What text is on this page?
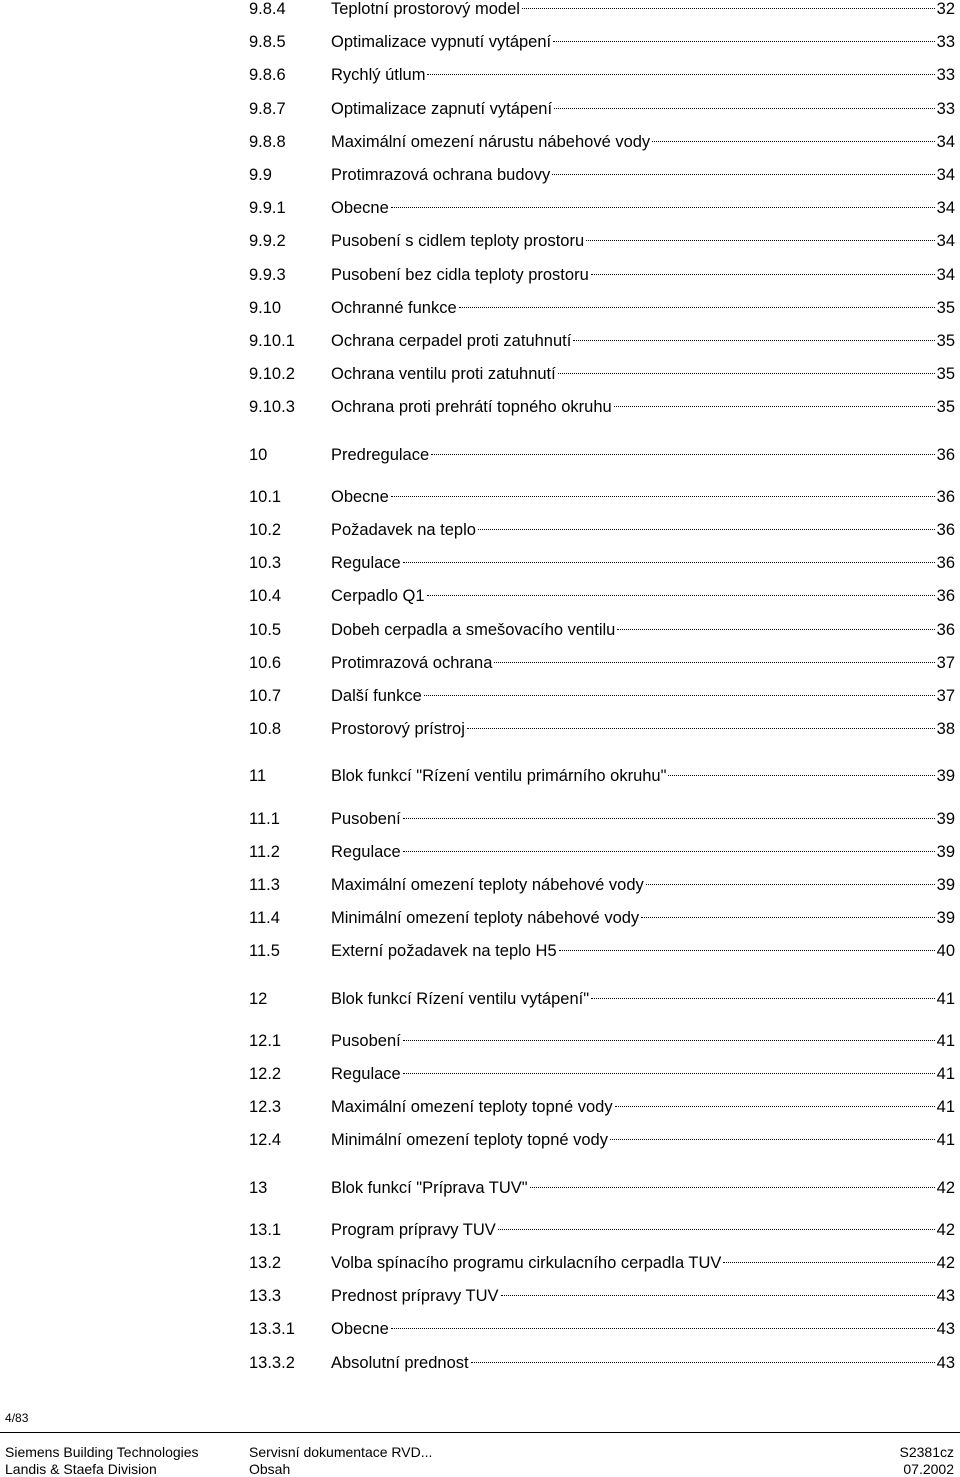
9.8.4	Teplotní prostorový model	32
9.8.5	Optimalizace vypnutí vytápení	33
9.8.6	Rychlý útlum	33
9.8.7	Optimalizace zapnutí vytápení	33
9.8.8	Maximální omezení nárustu nábehové vody	34
9.9	Protimrazová ochrana budovy	34
9.9.1	Obecne	34
9.9.2	Pusobení s cidlem teploty prostoru	34
9.9.3	Pusobení bez cidla teploty prostoru	34
9.10	Ochranné funkce	35
9.10.1	Ochrana cerpadel proti zatuhnutí	35
9.10.2	Ochrana ventilu proti zatuhnutí	35
9.10.3	Ochrana proti prehrátí topného okruhu	35
10	Predregulace	36
10.1	Obecne	36
10.2	Požadavek na teplo	36
10.3	Regulace	36
10.4	Cerpadlo Q1	36
10.5	Dobeh cerpadla a smešovacího ventilu	36
10.6	Protimrazová ochrana	37
10.7	Další funkce	37
10.8	Prostorový prístroj	38
11	Blok funkcí "Rízení ventilu primárního okruhu"	39
11.1	Pusobení	39
11.2	Regulace	39
11.3	Maximální omezení teploty nábehové vody	39
11.4	Minimální omezení teploty nábehové vody	39
11.5	Externí požadavek na teplo H5	40
12	Blok funkcí Rízení ventilu vytápení"	41
12.1	Pusobení	41
12.2	Regulace	41
12.3	Maximální omezení teploty topné vody	41
12.4	Minimální omezení teploty topné vody	41
13	Blok funkcí "Príprava TUV"	42
13.1	Program prípravy TUV	42
13.2	Volba spínacího programu cirkulacního cerpadla TUV	42
13.3	Prednost prípravy TUV	43
13.3.1	Obecne	43
13.3.2	Absolutní prednost	43
4/83
Siemens Building Technologies
Landis & Staefa Division
Servisní dokumentace RVD...
Obsah
S2381cz
07.2002
